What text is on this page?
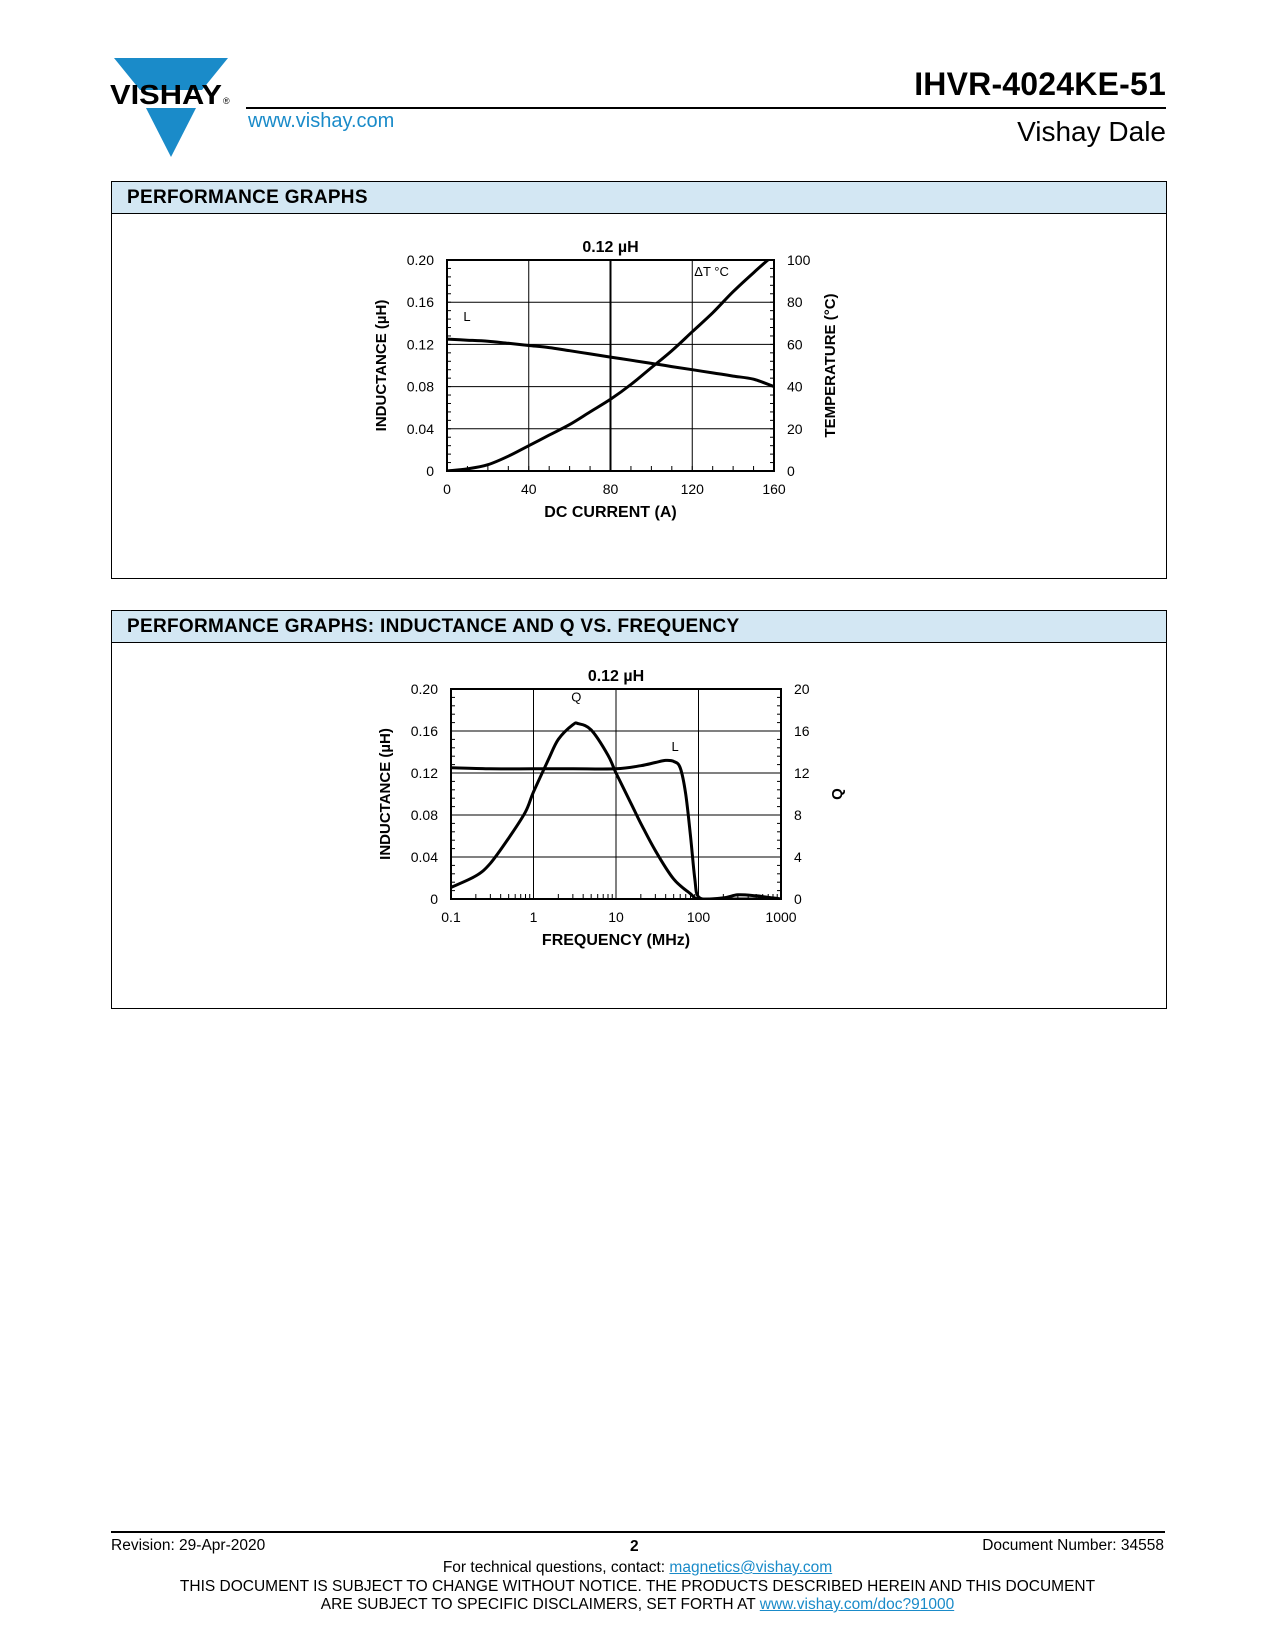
VISHAY ®
www.vishay.com
IHVR-4024KE-51
Vishay Dale
PERFORMANCE GRAPHS
0	40	80	120	160
0	0
0.04	20
0.08	40
0.12	60
0.16	80
0.20	100
0.12 µH
DC CURRENT (A)
INDUCTANCE (µH)	TEMPERATURE (°C)
L
ΔT °C
PERFORMANCE GRAPHS: INDUCTANCE AND Q VS. FREQUENCY
0.1	1	10	100	1000
0	0
0.04	4
0.08	8
0.12	12
0.16	16
0.20	20
0.12 µH
FREQUENCY (MHz)
INDUCTANCE (µH)	Q
Q
L
Revision: 29-Apr-2020	2	Document Number: 34558
For technical questions, contact: magnetics@vishay.com
THIS DOCUMENT IS SUBJECT TO CHANGE WITHOUT NOTICE. THE PRODUCTS DESCRIBED HEREIN AND THIS DOCUMENT
ARE SUBJECT TO SPECIFIC DISCLAIMERS, SET FORTH AT www.vishay.com/doc?91000
